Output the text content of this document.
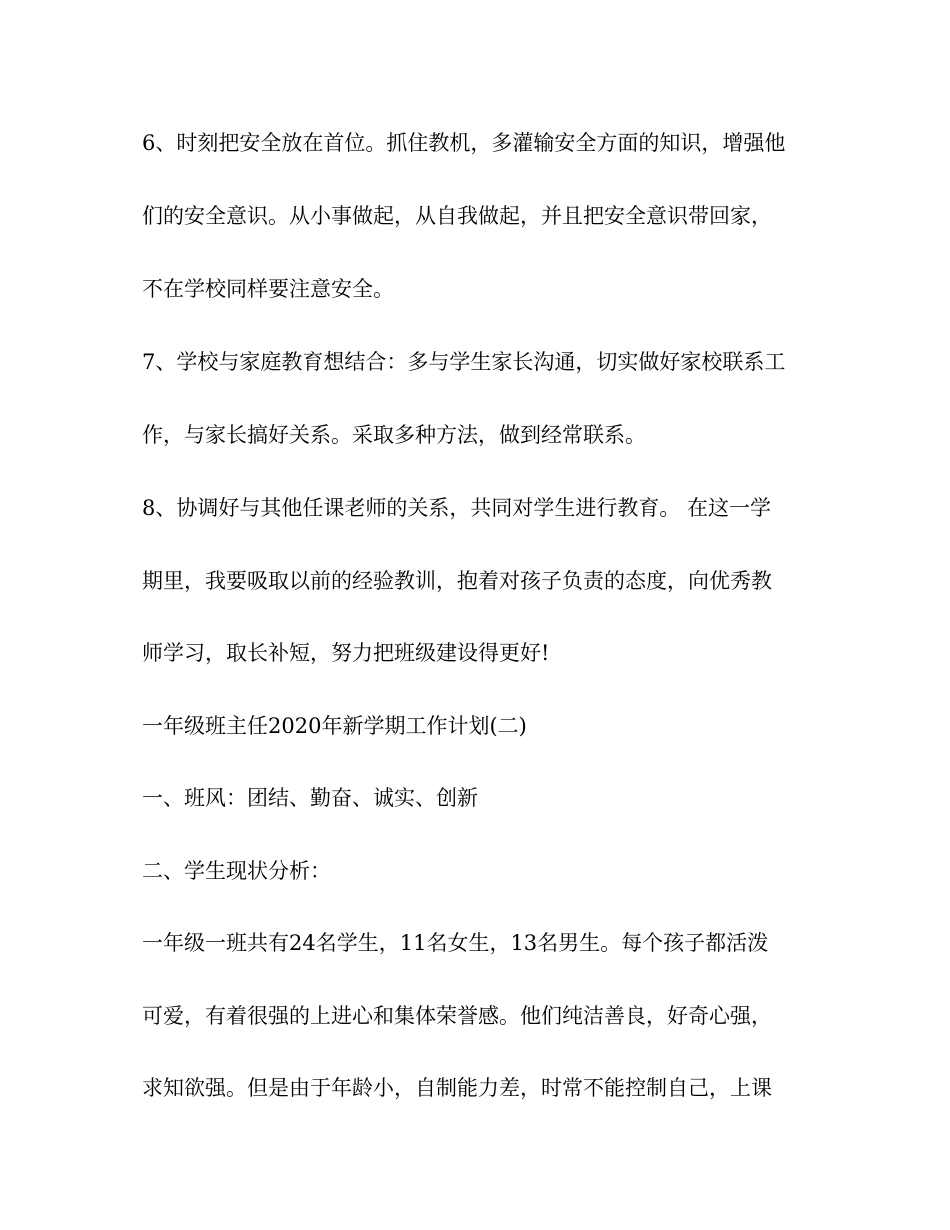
6、时刻把安全放在首位。抓住教机，多灌输安全方面的知识，增强他

们的安全意识。从小事做起，从自我做起，并且把安全意识带回家，

不在学校同样要注意安全。

7、学校与家庭教育想结合：多与学生家长沟通，切实做好家校联系工

作，与家长搞好关系。采取多种方法，做到经常联系。

8、协调好与其他任课老师的关系，共同对学生进行教育。 在这一学

期里，我要吸取以前的经验教训，抱着对孩子负责的态度，向优秀教

师学习，取长补短，努力把班级建设得更好!

一年级班主任2020年新学期工作计划(二)

一、班风：团结、勤奋、诚实、创新

二、学生现状分析：

一年级一班共有24名学生，11名女生，13名男生。每个孩子都活泼

可爱，有着很强的上进心和集体荣誉感。他们纯洁善良，好奇心强，

求知欲强。但是由于年龄小，自制能力差，时常不能控制自己，上课
